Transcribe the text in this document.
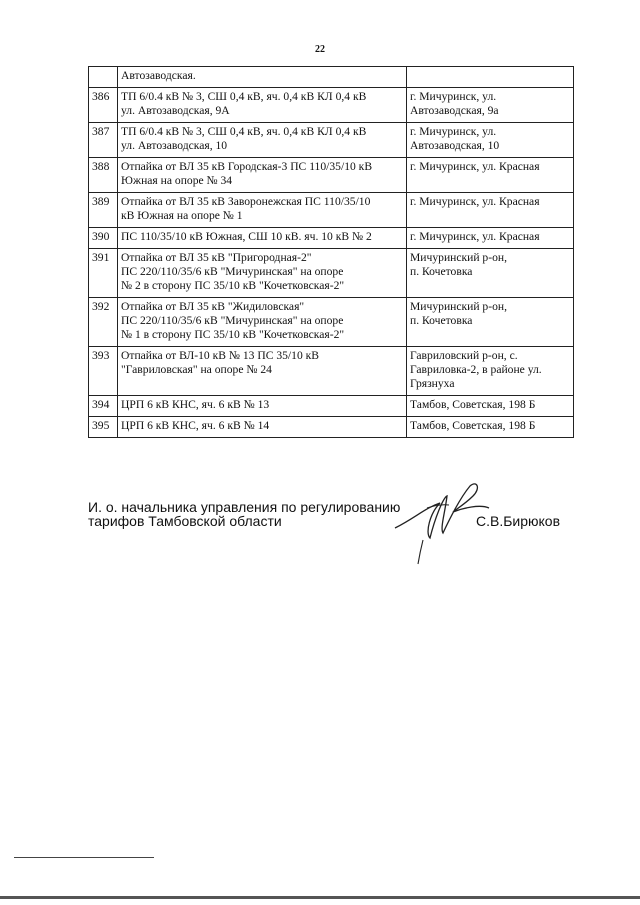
22

	Автозаводская.	

386	ТП 6/0.4 кВ № 3, СШ 0,4 кВ, яч. 0,4 кВ КЛ 0,4 кВ
ул. Автозаводская, 9А	г. Мичуринск, ул.
Автозаводская, 9а

387	ТП 6/0.4 кВ № 3, СШ 0,4 кВ, яч. 0,4 кВ КЛ 0,4 кВ
ул. Автозаводская, 10	г. Мичуринск, ул.
Автозаводская, 10

388	Отпайка от ВЛ 35 кВ Городская-3 ПС 110/35/10 кВ
Южная на опоре № 34	г. Мичуринск, ул. Красная

389	Отпайка от ВЛ 35 кВ Заворонежская ПС 110/35/10
кВ Южная на опоре № 1	г. Мичуринск, ул. Красная

390	ПС 110/35/10 кВ Южная, СШ 10 кВ. яч. 10 кВ № 2	г. Мичуринск, ул. Красная

391	Отпайка от ВЛ 35 кВ "Пригородная-2"
ПС 220/110/35/6 кВ "Мичуринская" на опоре
№ 2 в сторону ПС 35/10 кВ "Кочетковская-2"	Мичуринский р-он,
п. Кочетовка

392	Отпайка от ВЛ 35 кВ "Жидиловская"
ПС 220/110/35/6 кВ "Мичуринская" на опоре
№ 1 в сторону ПС 35/10 кВ "Кочетковская-2"	Мичуринский р-он,
п. Кочетовка

393	Отпайка от ВЛ-10 кВ № 13 ПС 35/10 кВ
"Гавриловская" на опоре № 24	Гавриловский р-он, с.
Гавриловка-2, в районе ул.
Грязнуха

394	ЦРП 6 кВ КНС, яч. 6 кВ № 13	Тамбов, Советская, 198 Б

395	ЦРП 6 кВ КНС, яч. 6 кВ № 14	Тамбов, Советская, 198 Б
И. о. начальника управления по регулированию
тарифов Тамбовской области	С.В.Бирюков
